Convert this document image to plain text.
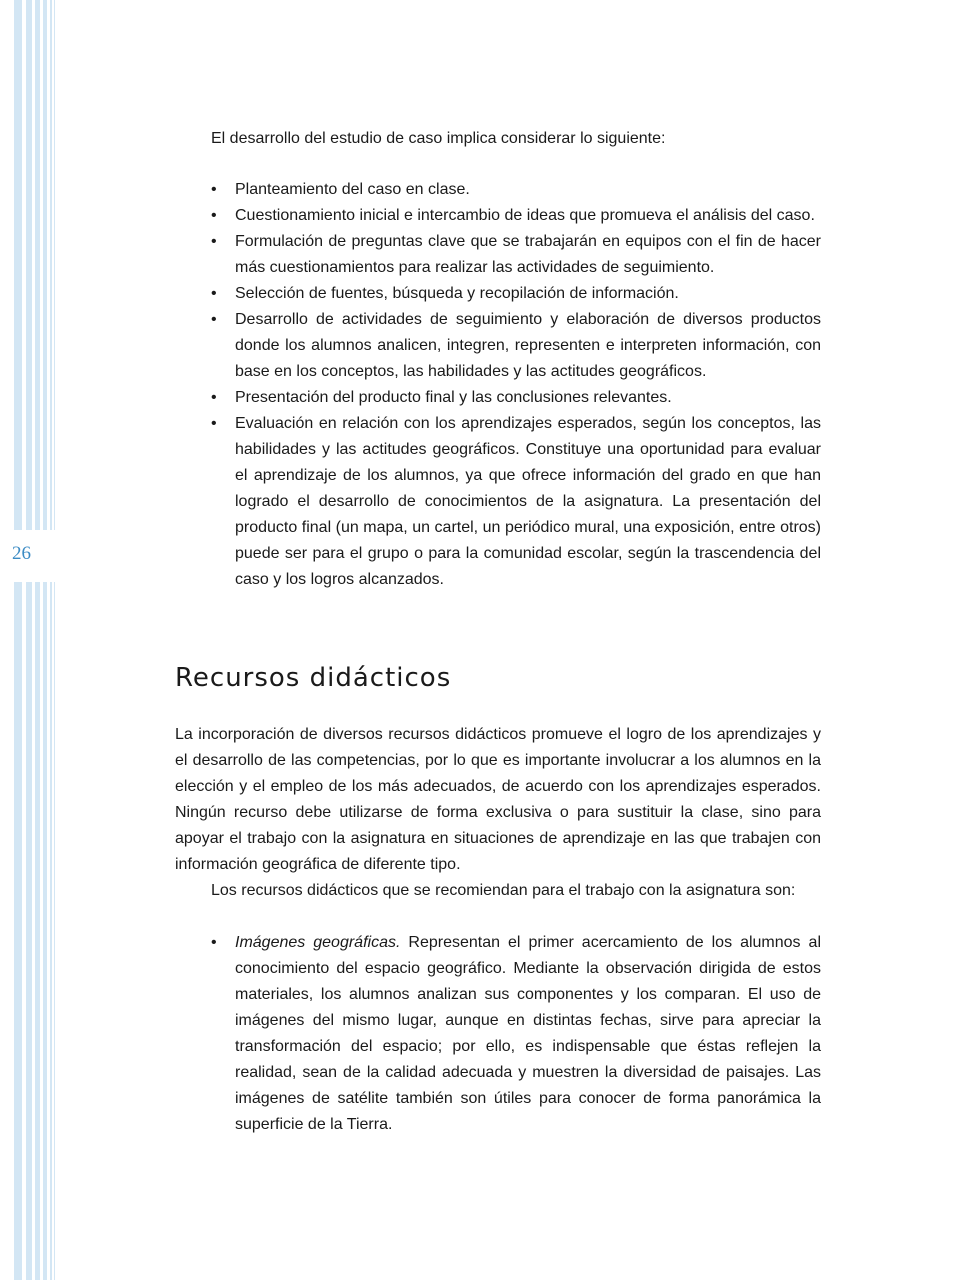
26

El desarrollo del estudio de caso implica considerar lo siguiente:

• Planteamiento del caso en clase.
• Cuestionamiento inicial e intercambio de ideas que promueva el análisis del caso.
• Formulación de preguntas clave que se trabajarán en equipos con el fin de hacer más cuestionamientos para realizar las actividades de seguimiento.
• Selección de fuentes, búsqueda y recopilación de información.
• Desarrollo de actividades de seguimiento y elaboración de diversos productos donde los alumnos analicen, integren, representen e interpreten información, con base en los conceptos, las habilidades y las actitudes geográficos.
• Presentación del producto final y las conclusiones relevantes.
• Evaluación en relación con los aprendizajes esperados, según los conceptos, las habilidades y las actitudes geográficos. Constituye una oportunidad para evaluar el aprendizaje de los alumnos, ya que ofrece información del grado en que han logrado el desarrollo de conocimientos de la asignatura. La presentación del producto final (un mapa, un cartel, un periódico mural, una exposición, entre otros) puede ser para el grupo o para la comunidad escolar, según la trascendencia del caso y los logros alcanzados.
Recursos didácticos

La incorporación de diversos recursos didácticos promueve el logro de los aprendizajes y el desarrollo de las competencias, por lo que es importante involucrar a los alumnos en la elección y el empleo de los más adecuados, de acuerdo con los aprendizajes esperados. Ningún recurso debe utilizarse de forma exclusiva o para sustituir la clase, sino para apoyar el trabajo con la asignatura en situaciones de aprendizaje en las que trabajen con información geográfica de diferente tipo.

Los recursos didácticos que se recomiendan para el trabajo con la asignatura son:

• Imágenes geográficas. Representan el primer acercamiento de los alumnos al conocimiento del espacio geográfico. Mediante la observación dirigida de estos materiales, los alumnos analizan sus componentes y los comparan. El uso de imágenes del mismo lugar, aunque en distintas fechas, sirve para apreciar la transformación del espacio; por ello, es indispensable que éstas reflejen la realidad, sean de la calidad adecuada y muestren la diversidad de paisajes. Las imágenes de satélite también son útiles para conocer de forma panorámica la superficie de la Tierra.
